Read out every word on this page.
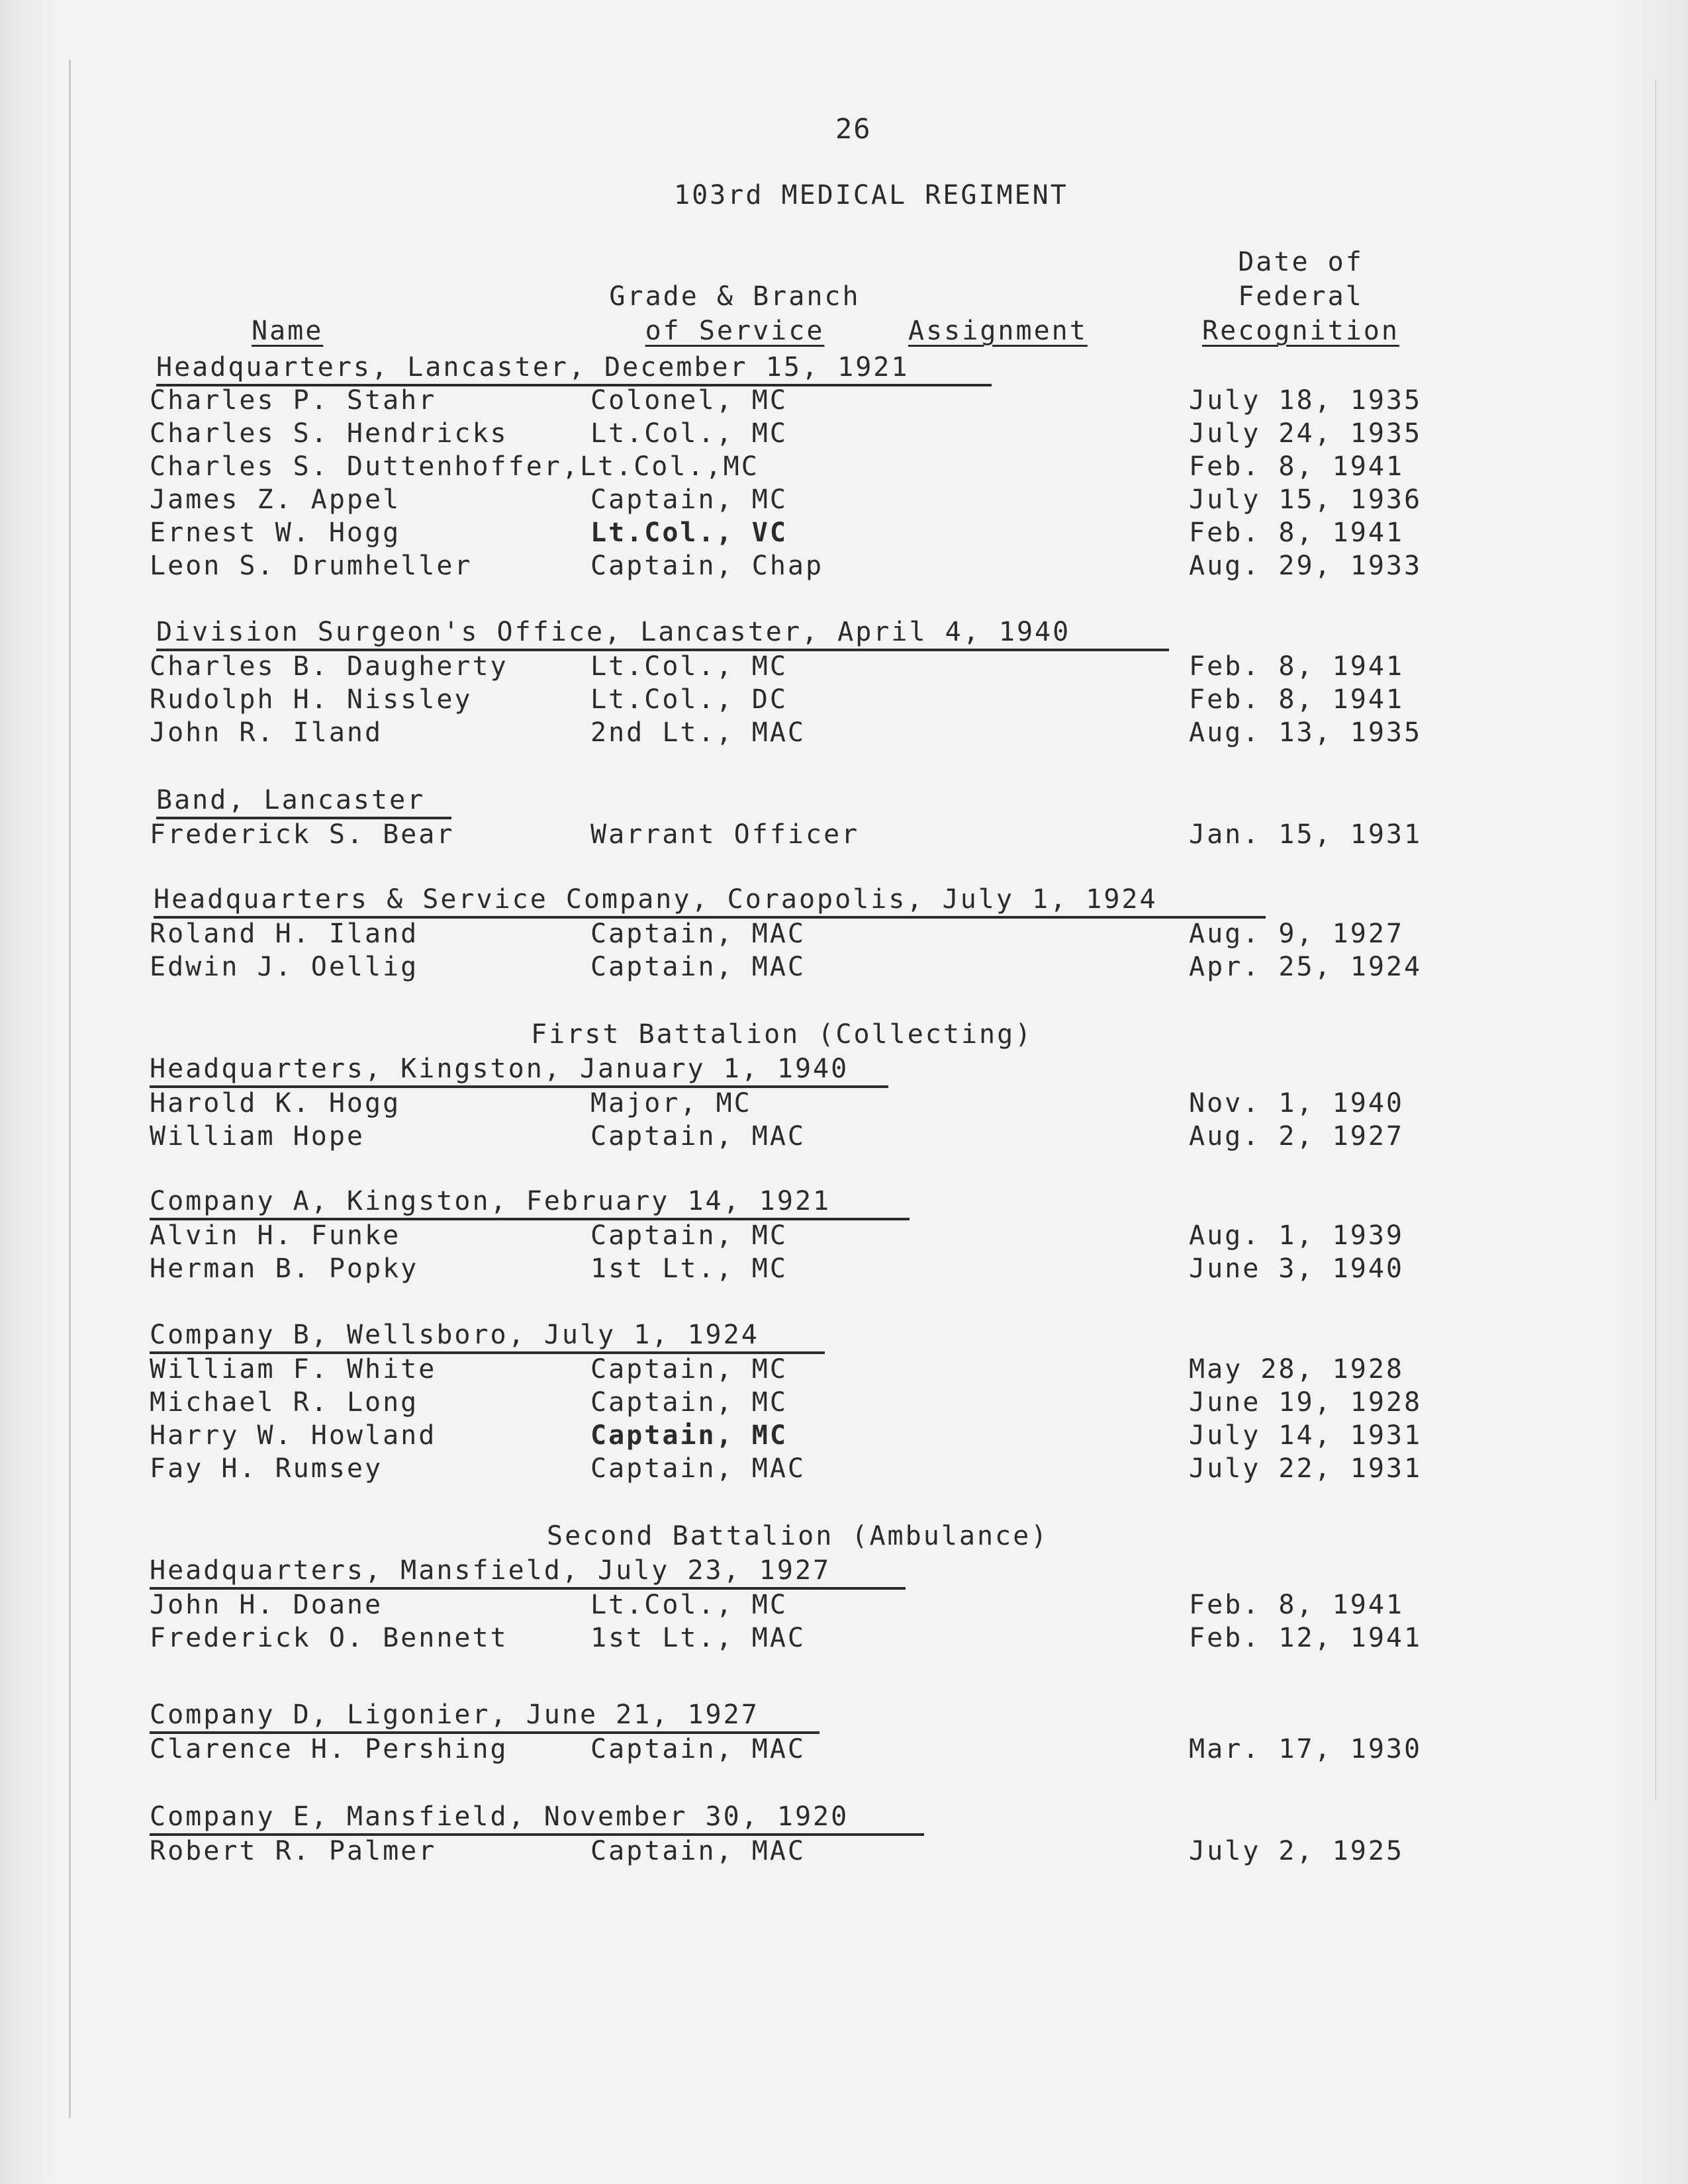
26
103rd MEDICAL REGIMENT
Name
Grade & Branch
of Service	Assignment
Date of
Federal
Recognition
Headquarters, Lancaster, December 15, 1921
Charles P. Stahr	Colonel, MC	July 18, 1935
Charles S. Hendricks	Lt.Col., MC	July 24, 1935
Charles S. Duttenhoffer,Lt.Col.,MC	Feb. 8, 1941
James Z. Appel	Captain, MC	July 15, 1936
Ernest W. Hogg	Lt.Col., VC	Feb. 8, 1941
Leon S. Drumheller	Captain, Chap	Aug. 29, 1933
Division Surgeon's Office, Lancaster, April 4, 1940
Charles B. Daugherty	Lt.Col., MC	Feb. 8, 1941
Rudolph H. Nissley	Lt.Col., DC	Feb. 8, 1941
John R. Iland	2nd Lt., MAC	Aug. 13, 1935
Band, Lancaster
Frederick S. Bear	Warrant Officer	Jan. 15, 1931
Headquarters & Service Company, Coraopolis, July 1, 1924
Roland H. Iland	Captain, MAC	Aug. 9, 1927
Edwin J. Oellig	Captain, MAC	Apr. 25, 1924
First Battalion (Collecting)
Headquarters, Kingston, January 1, 1940
Harold K. Hogg	Major, MC	Nov. 1, 1940
William Hope	Captain, MAC	Aug. 2, 1927
Company A, Kingston, February 14, 1921
Alvin H. Funke	Captain, MC	Aug. 1, 1939
Herman B. Popky	1st Lt., MC	June 3, 1940
Company B, Wellsboro, July 1, 1924
William F. White	Captain, MC	May 28, 1928
Michael R. Long	Captain, MC	June 19, 1928
Harry W. Howland	Captain, MC	July 14, 1931
Fay H. Rumsey	Captain, MAC	July 22, 1931
Second Battalion (Ambulance)
Headquarters, Mansfield, July 23, 1927
John H. Doane	Lt.Col., MC	Feb. 8, 1941
Frederick O. Bennett	1st Lt., MAC	Feb. 12, 1941
Company D, Ligonier, June 21, 1927
Clarence H. Pershing	Captain, MAC	Mar. 17, 1930
Company E, Mansfield, November 30, 1920
Robert R. Palmer	Captain, MAC	July 2, 1925
